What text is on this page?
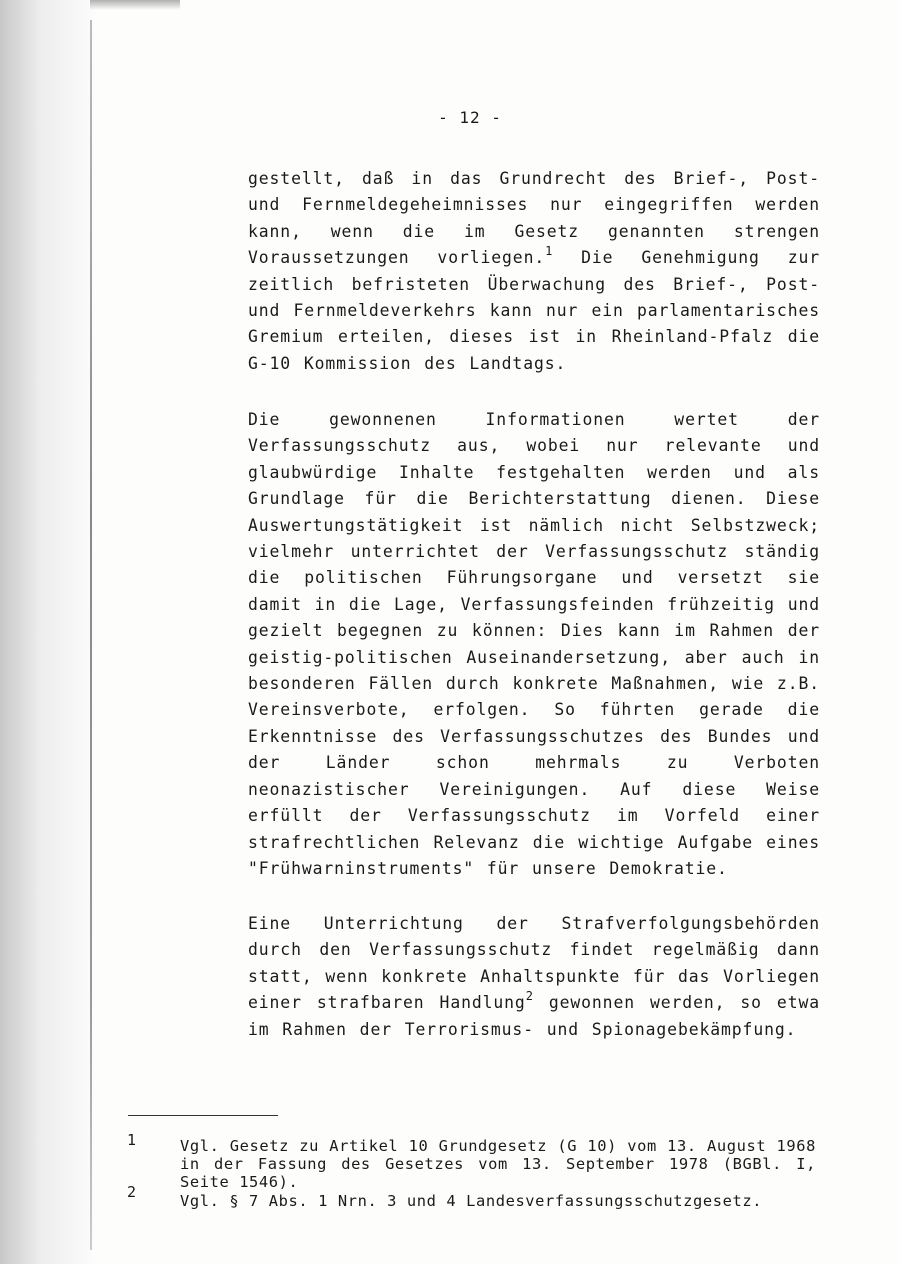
- 12 -

gestellt, daß in das Grundrecht des Brief-, Post- und Fernmeldegeheimnisses nur eingegriffen werden kann, wenn die im Gesetz genannten strengen Voraussetzungen vorliegen.$^1$ Die Genehmigung zur zeitlich befristeten Überwachung des Brief-, Post- und Fernmeldeverkehrs kann nur ein parlamentarisches Gremium erteilen, dieses ist in Rheinland-Pfalz die G-10 Kommission des Landtags.

Die gewonnenen Informationen wertet der Verfassungsschutz aus, wobei nur relevante und glaubwürdige Inhalte festgehalten werden und als Grundlage für die Berichterstattung dienen. Diese Auswertungstätigkeit ist nämlich nicht Selbstzweck; vielmehr unterrichtet der Verfassungsschutz ständig die politischen Führungsorgane und versetzt sie damit in die Lage, Verfassungsfeinden frühzeitig und gezielt begegnen zu können: Dies kann im Rahmen der geistig-politischen Auseinandersetzung, aber auch in besonderen Fällen durch konkrete Maßnahmen, wie z.B. Vereinsverbote, erfolgen. So führten gerade die Erkenntnisse des Verfassungsschutzes des Bundes und der Länder schon mehrmals zu Verboten neonazistischer Vereinigungen. Auf diese Weise erfüllt der Verfassungsschutz im Vorfeld einer strafrechtlichen Relevanz die wichtige Aufgabe eines "Frühwarninstruments" für unsere Demokratie.

Eine Unterrichtung der Strafverfolgungsbehörden durch den Verfassungsschutz findet regelmäßig dann statt, wenn konkrete Anhaltspunkte für das Vorliegen einer strafbaren Handlung$^2$ gewonnen werden, so etwa im Rahmen der Terrorismus- und Spionagebekämpfung.

1	Vgl. Gesetz zu Artikel 10 Grundgesetz (G 10) vom 13. August 1968 in der Fassung des Gesetzes vom 13. September 1978 (BGBl. I, Seite 1546).

2	Vgl. § 7 Abs. 1 Nrn. 3 und 4 Landesverfassungsschutzgesetz.
